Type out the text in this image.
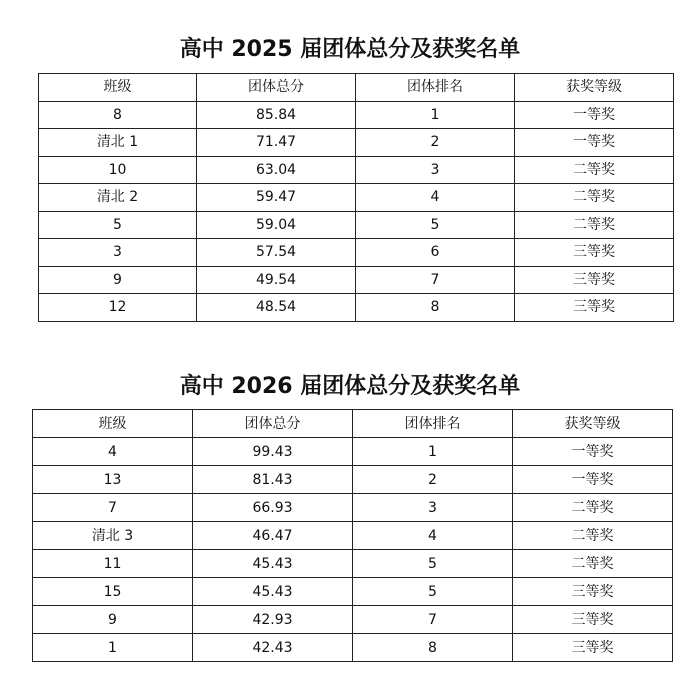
高中 2025 届团体总分及获奖名单
班级	团体总分	团体排名	获奖等级
8	85.84	1	一等奖
清北 1	71.47	2	一等奖
10	63.04	3	二等奖
清北 2	59.47	4	二等奖
5	59.04	5	二等奖
3	57.54	6	三等奖
9	49.54	7	三等奖
12	48.54	8	三等奖
高中 2026 届团体总分及获奖名单
班级	团体总分	团体排名	获奖等级
4	99.43	1	一等奖
13	81.43	2	一等奖
7	66.93	3	二等奖
清北 3	46.47	4	二等奖
11	45.43	5	二等奖
15	45.43	5	三等奖
9	42.93	7	三等奖
1	42.43	8	三等奖
